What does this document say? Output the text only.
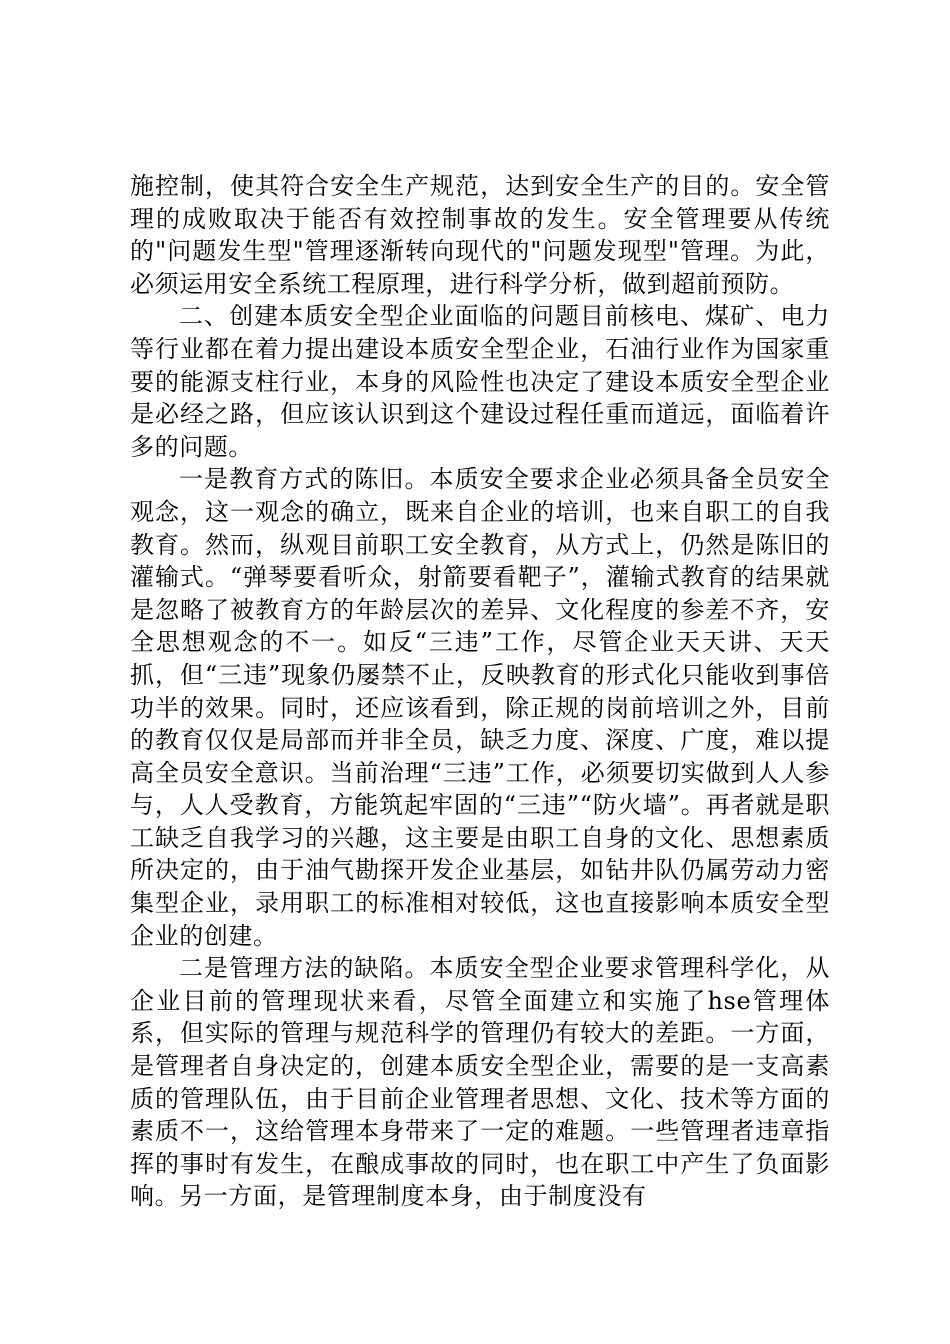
施控制，使其符合安全生产规范，达到安全生产的目的。安全管理的成败取决于能否有效控制事故的发生。安全管理要从传统的"问题发生型"管理逐渐转向现代的"问题发现型"管理。为此，必须运用安全系统工程原理，进行科学分析，做到超前预防。

二、创建本质安全型企业面临的问题目前核电、煤矿、电力等行业都在着力提出建设本质安全型企业，石油行业作为国家重要的能源支柱行业，本身的风险性也决定了建设本质安全型企业是必经之路，但应该认识到这个建设过程任重而道远，面临着许多的问题。

一是教育方式的陈旧。本质安全要求企业必须具备全员安全观念，这一观念的确立，既来自企业的培训，也来自职工的自我教育。然而，纵观目前职工安全教育，从方式上，仍然是陈旧的灌输式。“弹琴要看听众，射箭要看靶子”，灌输式教育的结果就是忽略了被教育方的年龄层次的差异、文化程度的参差不齐，安全思想观念的不一。如反“三违”工作，尽管企业天天讲、天天抓，但“三违”现象仍屡禁不止，反映教育的形式化只能收到事倍功半的效果。同时，还应该看到，除正规的岗前培训之外，目前的教育仅仅是局部而并非全员，缺乏力度、深度、广度，难以提高全员安全意识。当前治理“三违”工作，必须要切实做到人人参与，人人受教育，方能筑起牢固的“三违”“防火墙”。再者就是职工缺乏自我学习的兴趣，这主要是由职工自身的文化、思想素质所决定的，由于油气勘探开发企业基层，如钻井队仍属劳动力密集型企业，录用职工的标准相对较低，这也直接影响本质安全型企业的创建。

二是管理方法的缺陷。本质安全型企业要求管理科学化，从企业目前的管理现状来看，尽管全面建立和实施了hse管理体系，但实际的管理与规范科学的管理仍有较大的差距。一方面，是管理者自身决定的，创建本质安全型企业，需要的是一支高素质的管理队伍，由于目前企业管理者思想、文化、技术等方面的素质不一，这给管理本身带来了一定的难题。一些管理者违章指挥的事时有发生，在酿成事故的同时，也在职工中产生了负面影响。另一方面，是管理制度本身，由于制度没有
